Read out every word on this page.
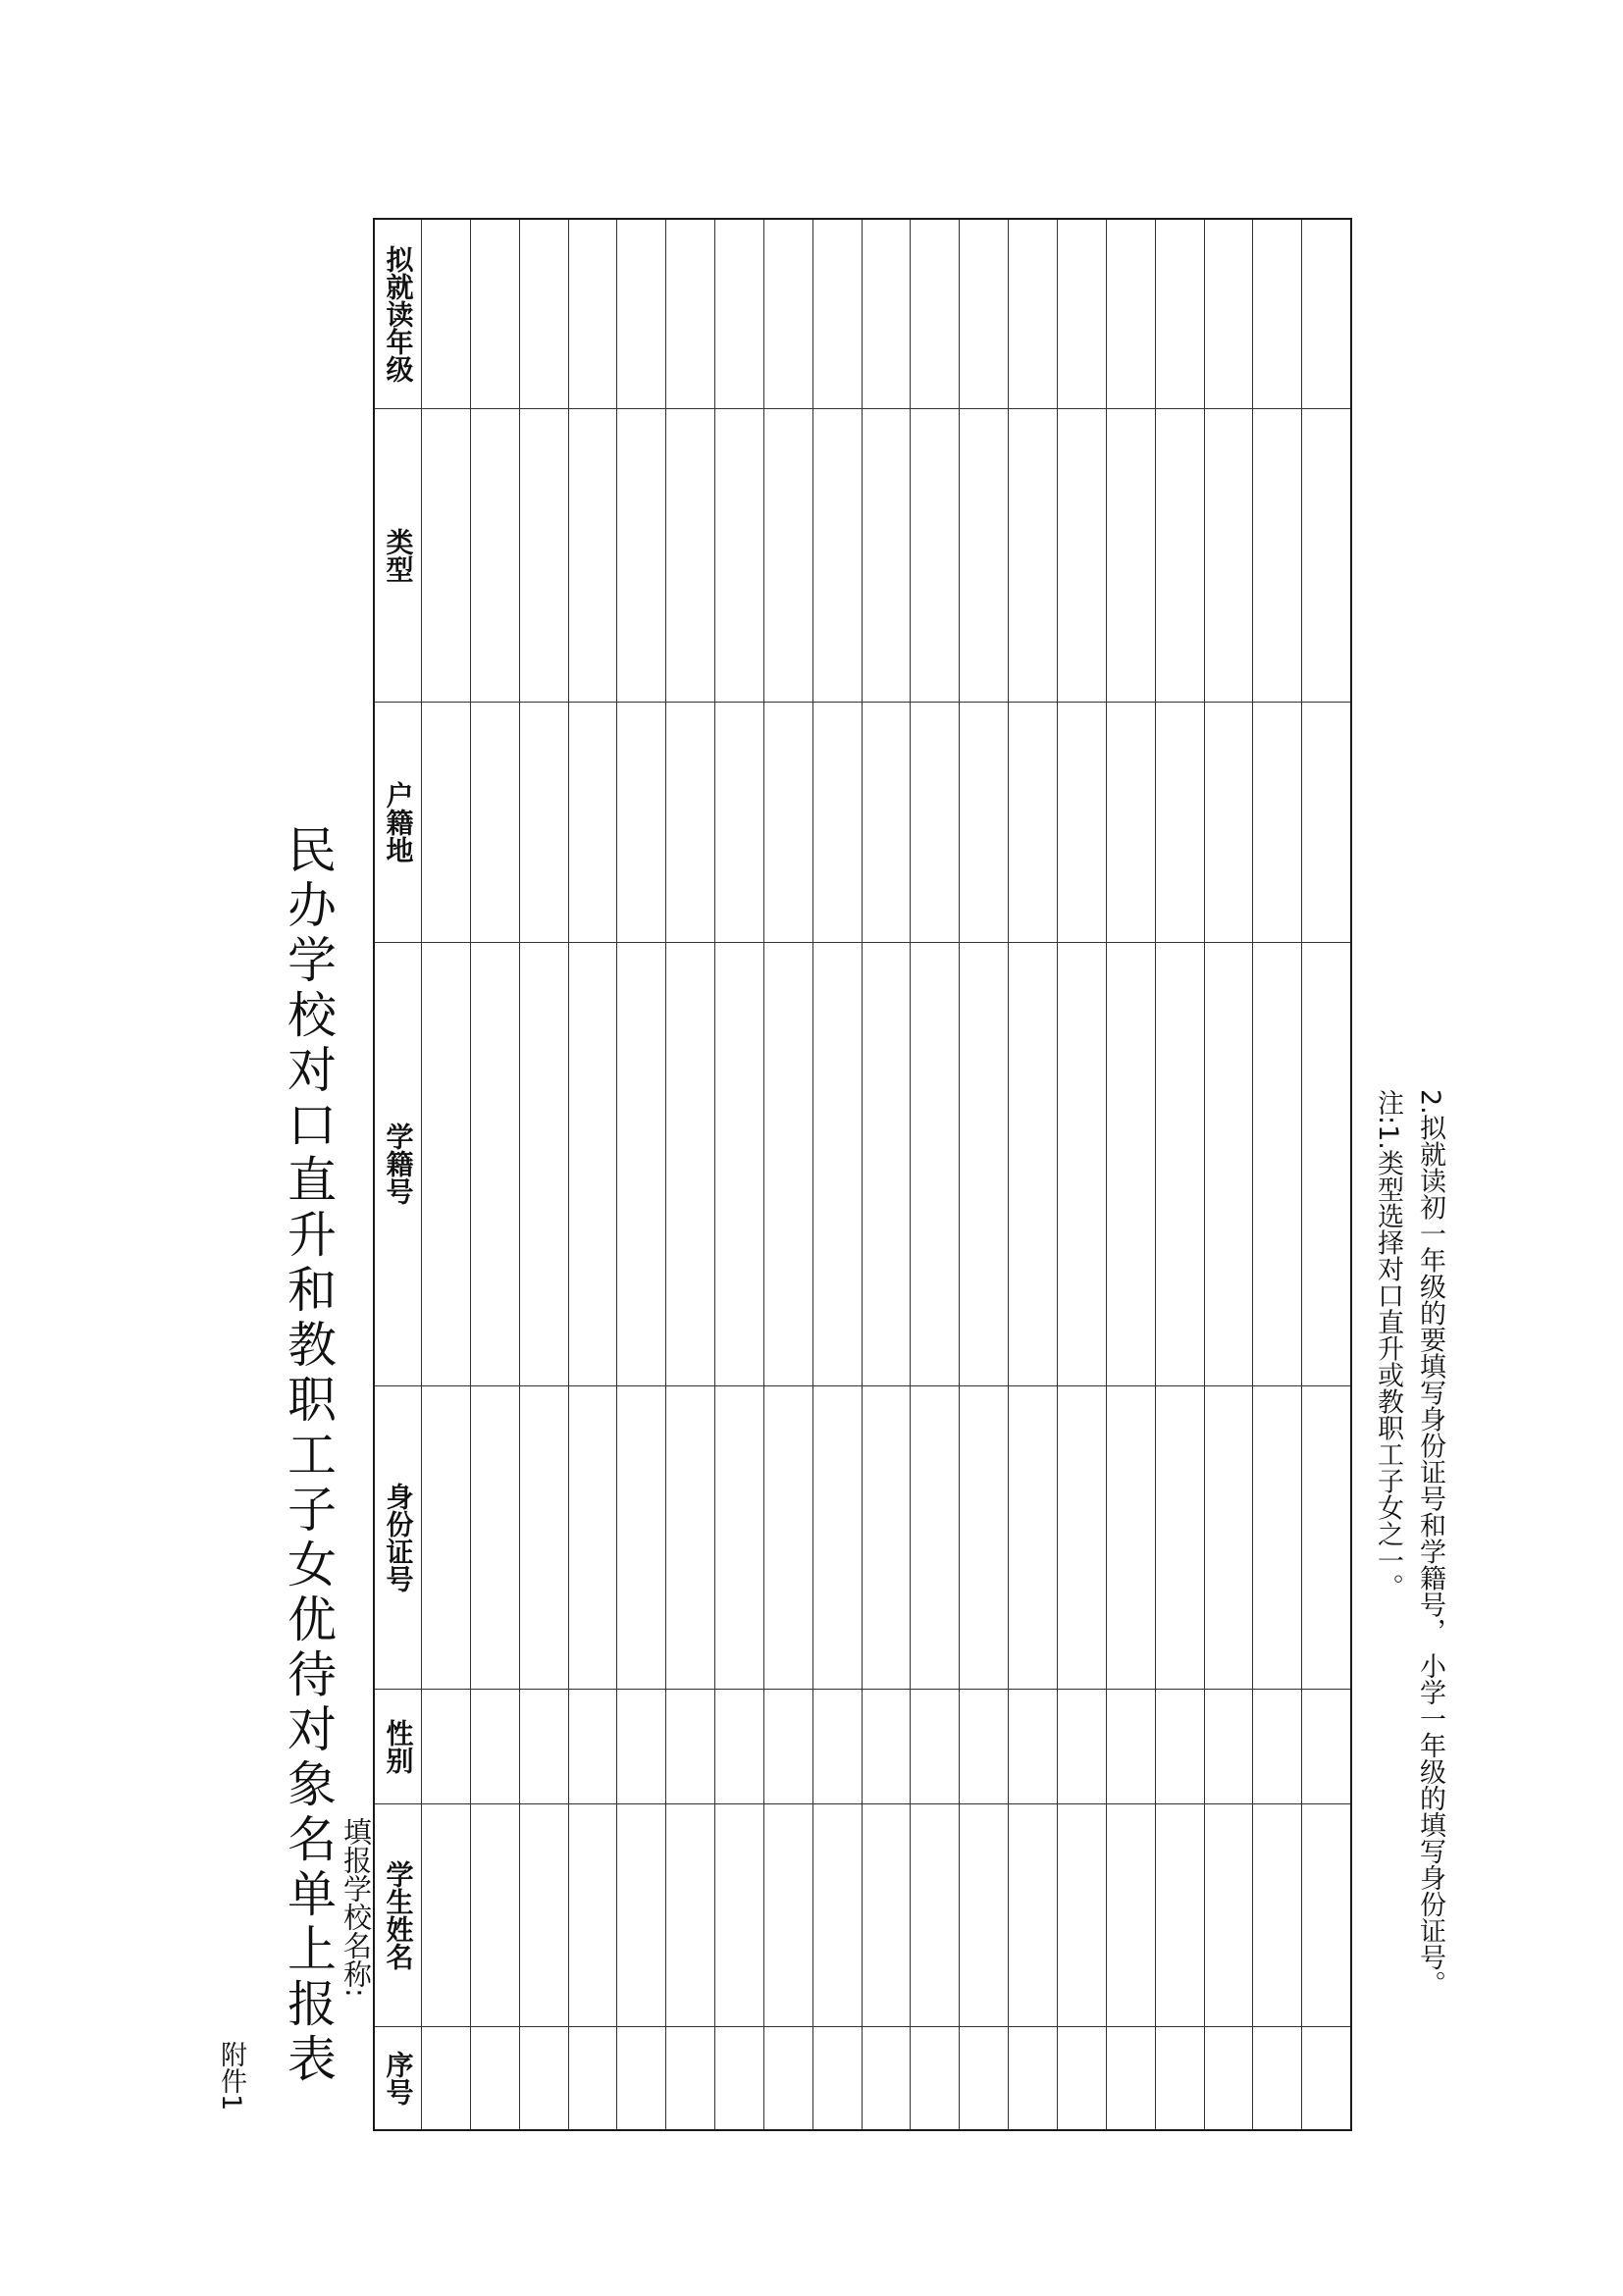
附件1 民办学校对口直升和教职工子女优待对象名单上报表 填报学校名称:
序号
学生姓名
性别
身份证号
学籍号
户籍地
类型
拟就读年级
注:1.类型选择对口直升或教职工子女之一。 2.拟就读初一年级的要填写身份证号和学籍号， 小学一年级的填写身份证号。
